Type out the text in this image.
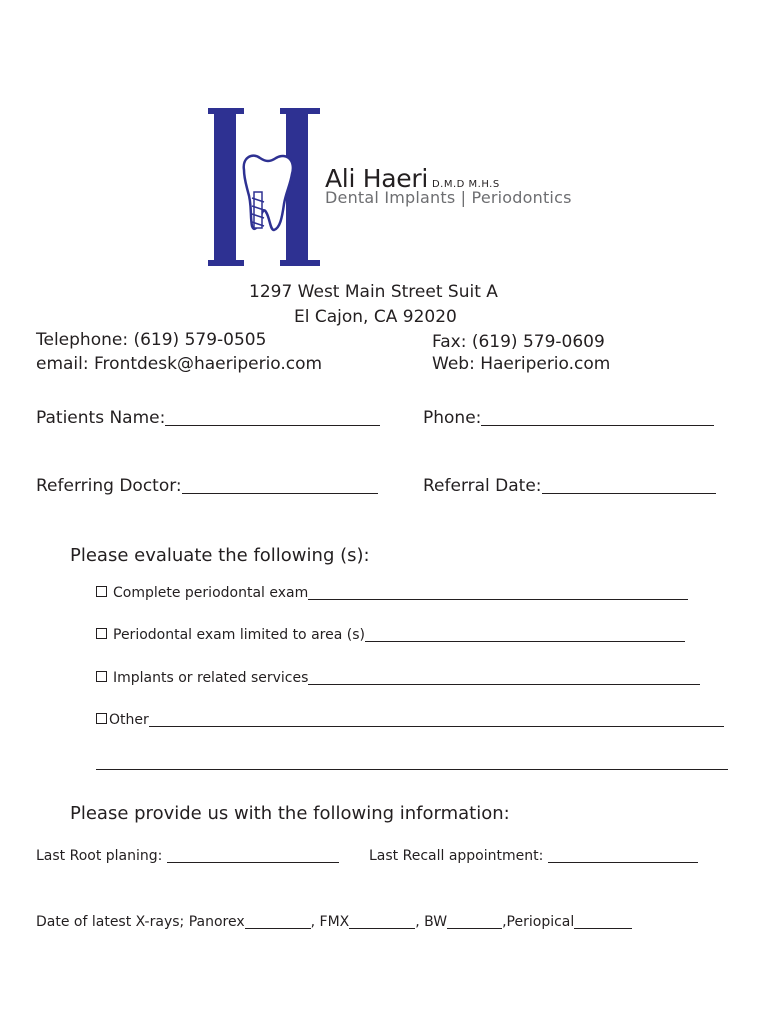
Ali Haeri D.M.D M.H.S
Dental Implants | Periodontics
1297 West Main Street Suit A
El Cajon, CA 92020
Telephone: (619) 579-0505	Fax: (619) 579-0609
email: Frontdesk@haeriperio.com	Web: Haeriperio.com
Patients Name:	Phone:
Referring Doctor:	Referral Date:
Please evaluate the following (s):
Complete periodontal exam
Periodontal exam limited to area (s)
Implants or related services
Other
Please provide us with the following information:
Last Root planing:	Last Recall appointment:
Date of latest X-rays; Panorex	, FMX	, BW	,Periopical
